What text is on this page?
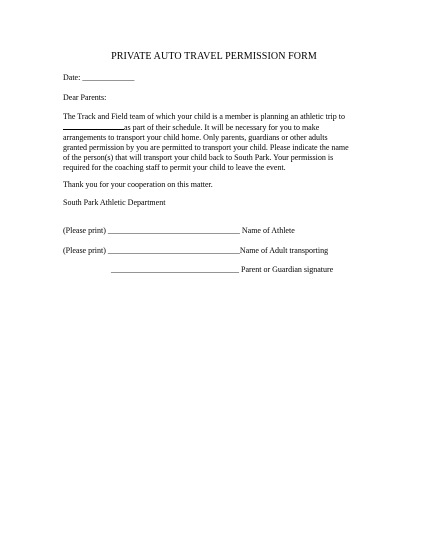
PRIVATE AUTO TRAVEL PERMISSION FORM
Date: _____________
Dear Parents:
The Track and Field team of which your child is a member is planning an athletic trip to
as part of their schedule. It will be necessary for you to make
arrangements to transport your child home. Only parents, guardians or other adults
granted permission by you are permitted to transport your child. Please indicate the name
of the person(s) that will transport your child back to South Park. Your permission is
required for the coaching staff to permit your child to leave the event.
Thank you for your cooperation on this matter.
South Park Athletic Department
(Please print) _________________________________ Name of Athlete
(Please print) _________________________________Name of Adult transporting
________________________________ Parent or Guardian signature
